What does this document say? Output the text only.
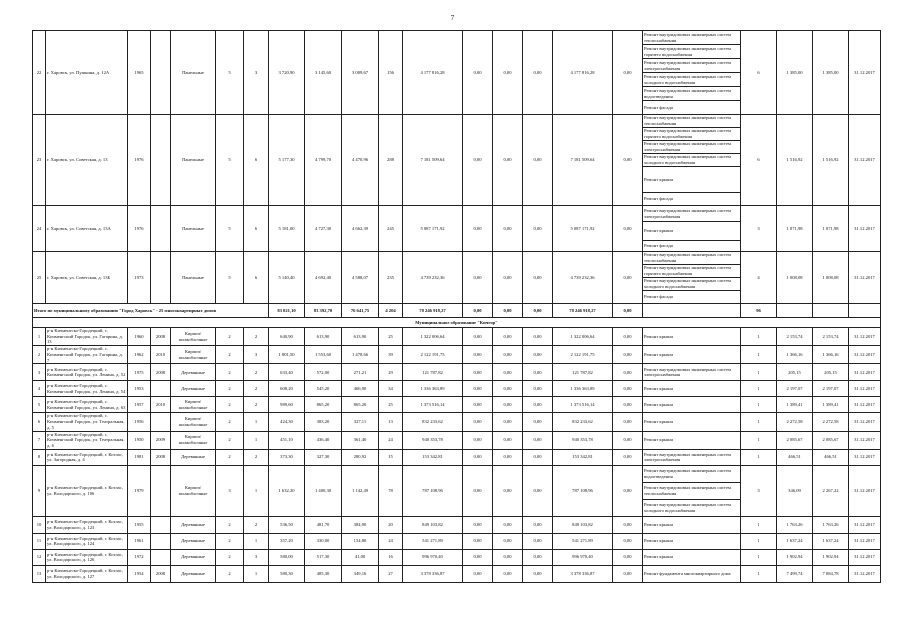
7
22	г. Харовск, ул. Пушкина, д. 12А	1965		Панельные	5	3	3 720,90	3 145,60	3 009,67	156	4 177 816,28	0,00	0,00	0,00	4 177 816,28	0,00	Ремонт внутридомовых инженерных систем теплоснабжения	6	1 385,00	1 385,00	31.12.2017
																	Ремонт внутридомовых инженерных систем горячего водоснабжения				
																	Ремонт внутридомовых инженерных систем электроснабжения				
																	Ремонт внутридомовых инженерных систем холодного водоснабжения				
																	Ремонт внутридомовых инженерных систем водоотведения				
																	Ремонт фасада				
23	г. Харовск, ул. Советская, д. 13	1976		Панельные	5	6	5 177,30	4 799,70	4 470,96	288	7 181 509,64	0,00	0,00	0,00	7 181 509,64	0,00	Ремонт внутридомовых инженерных систем теплоснабжения	6	1 516,92	1 516,92	31.12.2017
																	Ремонт внутридомовых инженерных систем горячего водоснабжения				
																	Ремонт внутридомовых инженерных систем электроснабжения				
																	Ремонт внутридомовых инженерных систем холодного водоснабжения				
																	Ремонт крыши				
																	Ремонт фасада				
24	г. Харовск, ул. Советская, д. 13А	1976		Панельные	5	6	5 181,00	4 727,30	4 662,39	245	5 087 171,92	0,00	0,00	0,00	5 087 171,92	0,00	Ремонт внутридомовых инженерных систем электроснабжения	3	1 071,98	1 071,98	31.12.2017
																	Ремонт крыши				
																	Ремонт фасада				
25	г. Харовск, ул. Советская, д. 13Б	1973		Панельные	5	6	5 140,40	4 692,40	4 588,07	235	4 739 232,36	0,00	0,00	0,00	4 739 232,36	0,00	Ремонт внутридомовых инженерных систем теплоснабжения	4	1 008,08	1 008,08	31.12.2017
																	Ремонт внутридомовых инженерных систем горячего водоснабжения				
																	Ремонт внутридомовых инженерных систем холодного водоснабжения				
																	Ремонт фасада				
Итого по муниципальному образованию "Город Харовск" - 25 многоквартирных домов							83 021,10	83 392,70	76 641,75	4 204	78 246 918,27	0,00	0,00	0,00	78 246 918,27	0,00		96			
Муниципальное образование "Кичгор"																					
1	р-н Кичменгско-Городецкий, с. Кичменгский Городок, ул. Гагарина, д. 13	1960	2008	Кирпич/ шлакоблочные	2	2	640,90	613,90	613,90	25	1 322 006,64	0,00	0,00	0,00	1 322 006,64	0,00	Ремонт крыши	1	2 153,74	2 153,74	31.12.2017
2	р-н Кичменгско-Городецкий, с. Кичменгский Городок, ул. Гагарина, д. 7	1962	2010	Кирпич/ шлакоблочные	2	3	1 801,50	1 553,60	1 478,66	39	2 122 191,75	0,00	0,00	0,00	2 122 191,75	0,00	Ремонт крыши	1	1 366,16	1 366,16	31.12.2017
3	р-н Кичменгско-Городецкий, с. Кичменгский Городок, ул. Ленина, д. 52	1975	2008	Деревянные	2	2	633,40	572,00	271,21	29	121 787,82	0,00	0,00	0,00	121 787,82	0,00	Ремонт внутридомовых инженерных систем электроснабжения	1	205,15	205,15	31.12.2017
4	р-н Кичменгско-Городецкий, с. Кичменгский Городок, ул. Ленина, д. 54	1953		Деревянные	2	2	608,20	545,20	466,90	34	1 336 363,89	0,00	0,00	0,00	1 336 363,89	0,00	Ремонт крыши	1	2 197,07	2 197,07	31.12.2017
5	р-н Кичменгско-Городецкий, с. Кичменгский Городок, ул. Ленина, д. 63	1957	2010	Кирпич/ шлакоблочные	2	2	989,60	865,20	865,20	25	1 373 516,14	0,00	0,00	0,00	1 373 516,14	0,00	Ремонт крыши	1	1 389,41	1 389,41	31.12.2017
6	р-н Кичменгско-Городецкий, с. Кичменгский Городок, ул. Театральная, д. 5	1956		Кирпич/ шлакоблочные	2	1	424,30	383,20	327,11	13	832 233,62	0,00	0,00	0,00	832 233,62	0,00	Ремонт крыши	1	2 272,58	2 272,58	31.12.2017
7	р-н Кичменгско-Городецкий, с. Кичменгский Городок, ул. Театральная, д. 6	1950	2009	Кирпич/ шлакоблочные	2	1	451,10	436,40	361,40	24	940 353,78	0,00	0,00	0,00	940 353,78	0,00	Ремонт крыши	1	2 085,67	2 085,67	31.12.2017
8	р-н Кичменгско-Городецкий, г. Котлас, ул. Загородная, д. 4	1981	2008	Деревянные	2	2	373,30	327,30	280,92	15	153 342,81	0,00	0,00	0,00	153 342,81	0,00	Ремонт внутридомовых инженерных систем электроснабжения	1	466,51	466,51	31.12.2017
9	р-н Кичменгско-Городецкий, г. Котлас, ул. Володарского, д. 106	1979		Кирпич/ шлакоблочные	3	1	1 632,20	1 400,30	1 142,49	78	787 108,96	0,00	0,00	0,00	787 108,96	0,00	Ремонт внутридомовых инженерных систем водоотведения	3	346,09	2 267,22	31.12.2017
																	Ремонт внутридомовых инженерных систем теплоснабжения				
																	Ремонт внутридомовых инженерных систем холодного водоснабжения				
10	р-н Кичменгско-Городецкий, г. Котлас, ул. Володарского, д. 123	1955		Деревянные	2	2	536,50	481,70	384,90	20	849 103,82	0,00	0,00	0,00	849 103,82	0,00	Ремонт крыши	1	1 763,26	1 763,26	31.12.2017
11	р-н Кичменгско-Городецкий, г. Котлас, ул. Володарского, д. 124	1961		Деревянные	2	1	357,20	330,00	154,80	24	541 271,89	0,00	0,00	0,00	541 271,89	0,00	Ремонт крыши	1	1 637,24	1 637,24	31.12.2017
12	р-н Кичменгско-Городецкий, г. Котлас, ул. Володарского, д. 126	1972		Деревянные	2	3	580,00	517,30	41,00	16	996 970,40	0,00	0,00	0,00	996 970,40	0,00	Ремонт крыши	1	1 902,94	1 902,94	31.12.2017
13	р-н Кичменгско-Городецкий, г. Котлас, ул. Володарского, д. 127	1954	2008	Деревянные	2	1	580,30	485,30	349,16	27	3 378 336,87	0,00	0,00	0,00	3 378 336,87	0,00	Ремонт фундамента многоквартирного дома	1	7 499,74	7 084,78	31.12.2017
